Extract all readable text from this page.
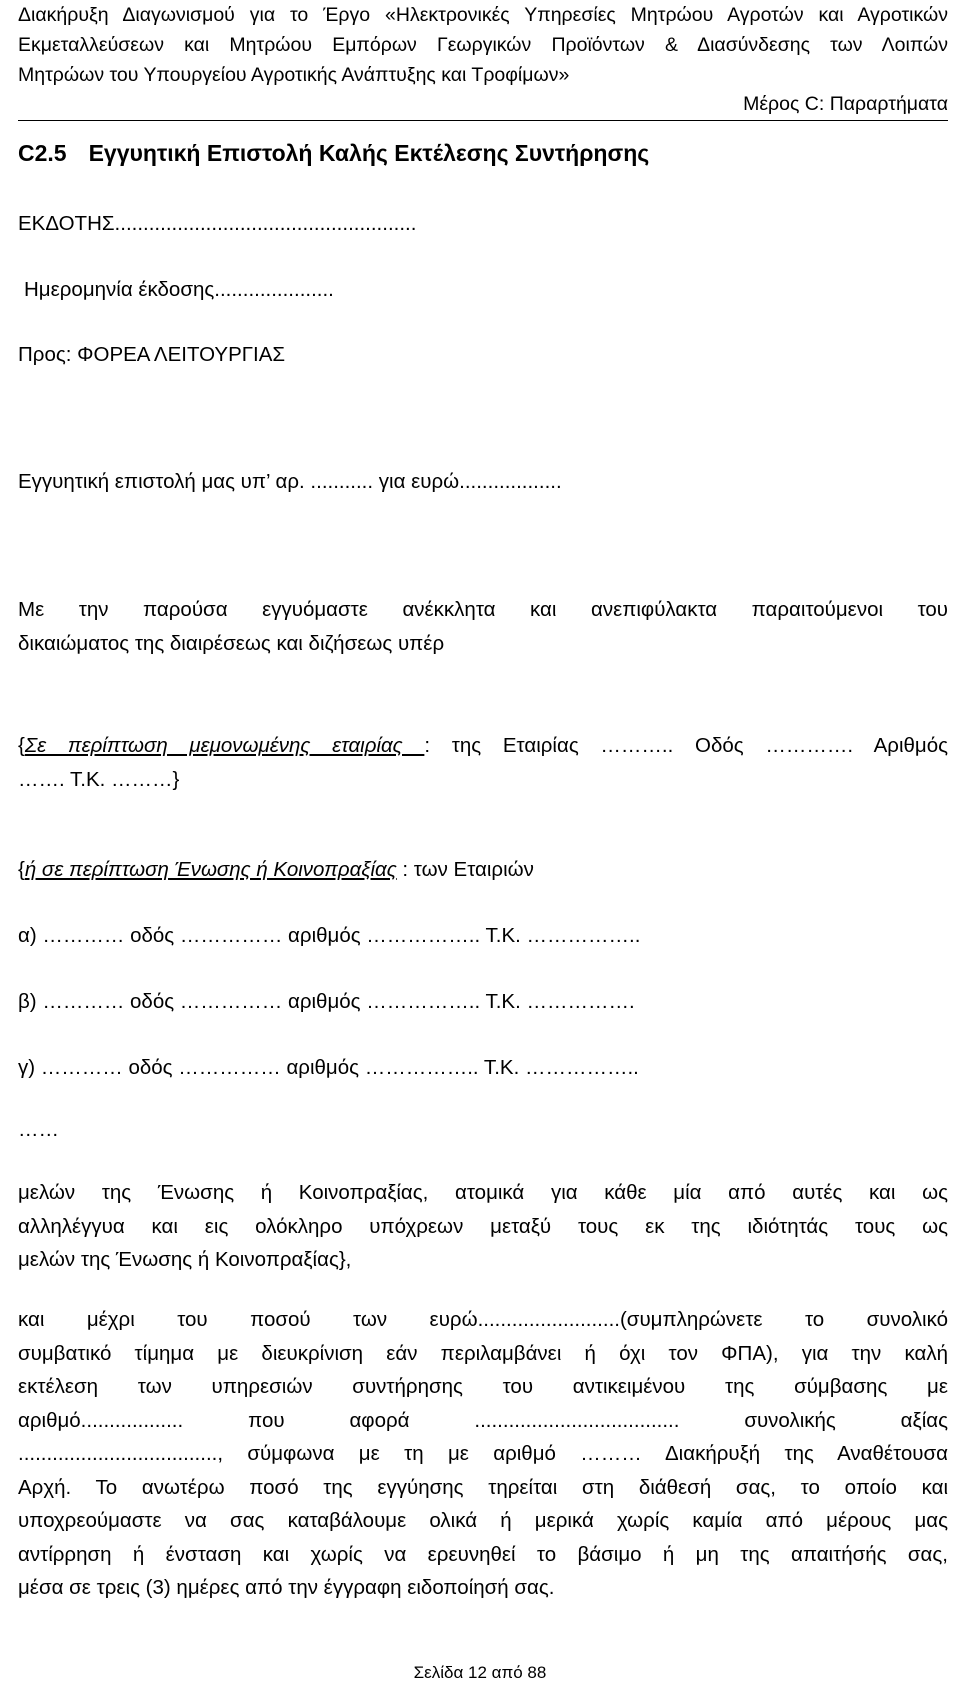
Διακήρυξη Διαγωνισμού για το Έργο «Ηλεκτρονικές Υπηρεσίες Μητρώου Αγροτών και Αγροτικών
Εκμεταλλεύσεων και Μητρώου Εμπόρων Γεωργικών Προϊόντων & Διασύνδεσης των Λοιπών
Μητρώων του Υπουργείου Αγροτικής Ανάπτυξης και Τροφίμων»
Μέρος C: Παραρτήματα
C2.5 Εγγυητική Επιστολή Καλής Εκτέλεσης Συντήρησης
ΕΚΔΟΤΗΣ.....................................................
Ημερομηνία έκδοσης.....................
Προς: ΦΟΡΕΑ ΛΕΙΤΟΥΡΓΙΑΣ
Εγγυητική επιστολή μας υπ’ αρ. ........... για ευρώ..................
Με την παρούσα εγγυόμαστε ανέκκλητα και ανεπιφύλακτα παραιτούμενοι του
δικαιώματος της διαιρέσεως και διζήσεως υπέρ
{Σε περίπτωση μεμονωμένης εταιρίας : της Εταιρίας ……….. Οδός …………. Αριθμός
……. Τ.Κ. ………}
{ή σε περίπτωση Ένωσης ή Κοινοπραξίας : των Εταιριών
α) ………… οδός …………… αριθμός …………….. Τ.Κ. ……………..
β) ………… οδός …………… αριθμός …………….. Τ.Κ. …………….
γ) ………… οδός …………… αριθμός …………….. Τ.Κ. ……………..
……
μελών της Ένωσης ή Κοινοπραξίας, ατομικά για κάθε μία από αυτές και ως
αλληλέγγυα και εις ολόκληρο υπόχρεων μεταξύ τους εκ της ιδιότητάς τους ως
μελών της Ένωσης ή Κοινοπραξίας},
και μέχρι του ποσού των ευρώ.........................(συμπληρώνετε το συνολικό
συμβατικό τίμημα με διευκρίνιση εάν περιλαμβάνει ή όχι τον ΦΠΑ), για την καλή
εκτέλεση των υπηρεσιών συντήρησης του αντικειμένου της σύμβασης με
αριθμό.................. που αφορά .................................... συνολικής αξίας
..................................., σύμφωνα με τη με αριθμό ……… Διακήρυξή της Αναθέτουσα
Αρχή. Το ανωτέρω ποσό της εγγύησης τηρείται στη διάθεσή σας, το οποίο και
υποχρεούμαστε να σας καταβάλουμε ολικά ή μερικά χωρίς καμία από μέρους μας
αντίρρηση ή ένσταση και χωρίς να ερευνηθεί το βάσιμο ή μη της απαιτήσής σας,
μέσα σε τρεις (3) ημέρες από την έγγραφη ειδοποίησή σας.
Σελίδα 12 από 88
